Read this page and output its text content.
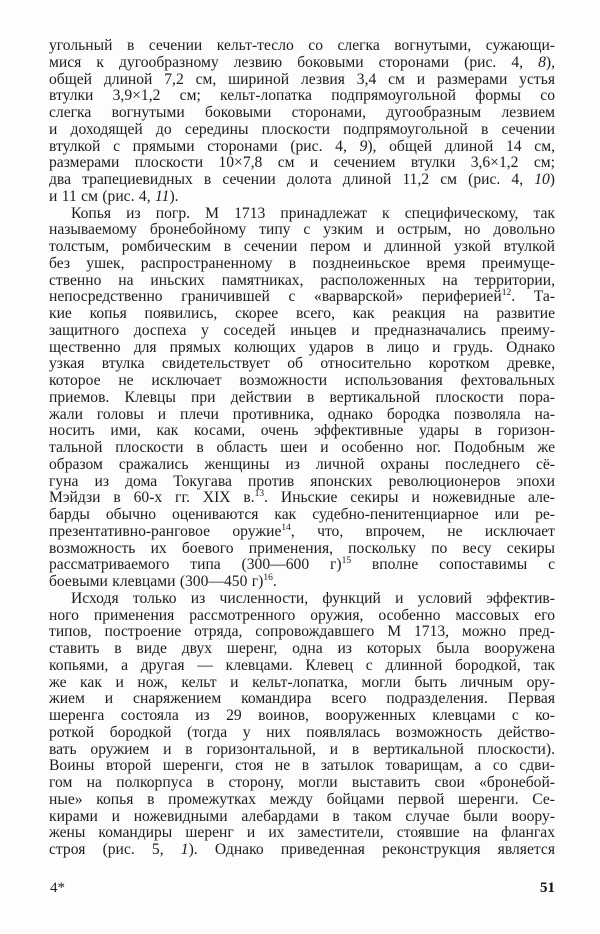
угольный в сечении кельт-тесло со слегка вогнутыми, сужающи-
мися к дугообразному лезвию боковыми сторонами (рис. 4, 8),
общей длиной 7,2 см, шириной лезвия 3,4 см и размерами устья
втулки 3,9×1,2 см; кельт-лопатка подпрямоугольной формы со
слегка вогнутыми боковыми сторонами, дугообразным лезвием
и доходящей до середины плоскости подпрямоугольной в сечении
втулкой с прямыми сторонами (рис. 4, 9), общей длиной 14 см,
размерами плоскости 10×7,8 см и сечением втулки 3,6×1,2 см;
два трапециевидных в сечении долота длиной 11,2 см (рис. 4, 10)
и 11 см (рис. 4, 11).
Копья из погр. М 1713 принадлежат к специфическому, так
называемому бронебойному типу с узким и острым, но довольно
толстым, ромбическим в сечении пером и длинной узкой втулкой
без ушек, распространенному в позднеиньское время преимуще-
ственно на иньских памятниках, расположенных на территории,
непосредственно граничившей с «варварской» периферией$^{12}$. Та-
кие копья появились, скорее всего, как реакция на развитие
защитного доспеха у соседей иньцев и предназначались преиму-
щественно для прямых колющих ударов в лицо и грудь. Однако
узкая втулка свидетельствует об относительно коротком древке,
которое не исключает возможности использования фехтовальных
приемов. Клевцы при действии в вертикальной плоскости пора-
жали головы и плечи противника, однако бородка позволяла на-
носить ими, как косами, очень эффективные удары в горизон-
тальной плоскости в область шеи и особенно ног. Подобным же
образом сражались женщины из личной охраны последнего сё-
гуна из дома Токугава против японских революционеров эпохи
Мэйдзи в 60-х гг. XIX в.$^{13}$. Иньские секиры и ножевидные але-
барды обычно оцениваются как судебно-пенитенциарное или ре-
презентативно-ранговое оружие$^{14}$, что, впрочем, не исключает
возможность их боевого применения, поскольку по весу секиры
рассматриваемого типа (300—600 г)$^{15}$ вполне сопоставимы с
боевыми клевцами (300—450 г)$^{16}$.
Исходя только из численности, функций и условий эффектив-
ного применения рассмотренного оружия, особенно массовых его
типов, построение отряда, сопровождавшего М 1713, можно пред-
ставить в виде двух шеренг, одна из которых была вооружена
копьями, а другая — клевцами. Клевец с длинной бородкой, так
же как и нож, кельт и кельт-лопатка, могли быть личным ору-
жием и снаряжением командира всего подразделения. Первая
шеренга состояла из 29 воинов, вооруженных клевцами с ко-
роткой бородкой (тогда у них появлялась возможность действо-
вать оружием и в горизонтальной, и в вертикальной плоскости).
Воины второй шеренги, стоя не в затылок товарищам, а со сдви-
гом на полкорпуса в сторону, могли выставить свои «бронебой-
ные» копья в промежутках между бойцами первой шеренги. Се-
кирами и ножевидными алебардами в таком случае были воору-
жены командиры шеренг и их заместители, стоявшие на флангах
строя (рис. 5, 1). Однако приведенная реконструкция является
4*	51
